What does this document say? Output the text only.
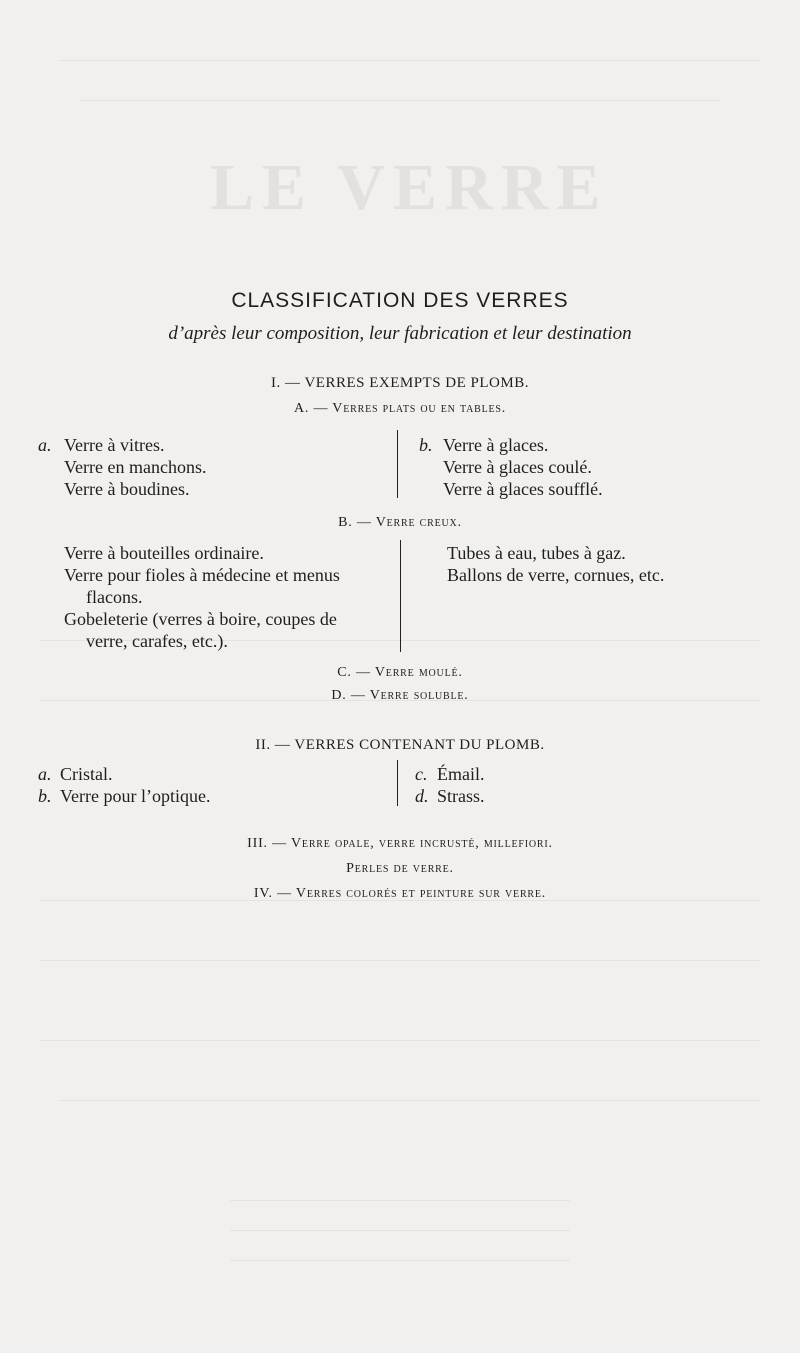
LE VERRE
CLASSIFICATION DES VERRES
d’après leur composition, leur fabrication et leur destination
I. — VERRES EXEMPTS DE PLOMB.
A. — Verres plats ou en tables.
a. Verre à vitres.
Verre en manchons.
Verre à boudines.
b. Verre à glaces.
Verre à glaces coulé.
Verre à glaces soufflé.
B. — Verre creux.
Verre à bouteilles ordinaire.
Verre pour fioles à médecine et menus
flacons.
Gobeleterie (verres à boire, coupes de
verre, carafes, etc.).
Tubes à eau, tubes à gaz.
Ballons de verre, cornues, etc.
C. — Verre moulé.
D. — Verre soluble.
II. — VERRES CONTENANT DU PLOMB.
a. Cristal.
b. Verre pour l’optique.
c. Émail.
d. Strass.
III. — Verre opale, verre incrusté, millefiori.
Perles de verre.
IV. — Verres colorés et peinture sur verre.
